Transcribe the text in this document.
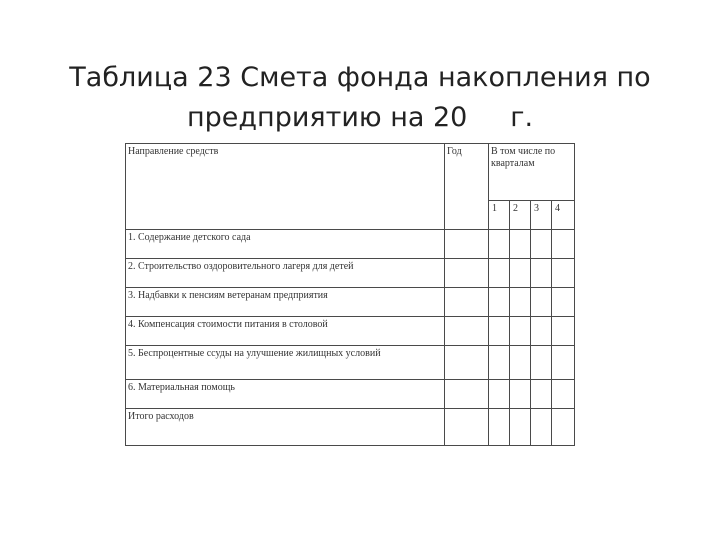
Таблица 23 Смета фонда накопления по
предприятию на 20     г.
Направление средств	Год	В том числе по кварталам			
		1	2	3	4
1. Содержание детского сада					
2. Строительство оздоровительного лагеря для детей					
3. Надбавки к пенсиям ветеранам предприятия					
4. Компенсация стоимости питания в столовой					
5. Беспроцентные ссуды на улучшение жилищных условий					
6. Материальная помощь					
Итого расходов					
